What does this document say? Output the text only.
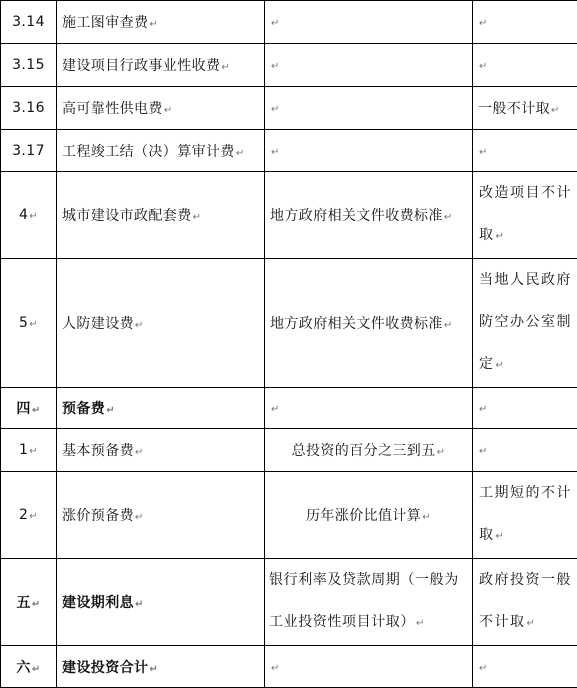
3.14	施工图审查费↵	↵	↵
3.15	建设项目行政事业性收费↵	↵	↵
3.16	高可靠性供电费↵	↵	一般不计取↵
3.17	工程竣工结（决）算审计费↵	↵	↵
4↵	城市建设市政配套费↵	地方政府相关文件收费标准↵	改造项目不计取↵
5↵	人防建设费↵	地方政府相关文件收费标准↵	当地人民政府防空办公室制定↵
四↵	预备费↵	↵	↵
1↵	基本预备费↵	总投资的百分之三到五↵	↵
2↵	涨价预备费↵	历年涨价比值计算↵	工期短的不计取↵
五↵	建设期利息↵	银行利率及贷款周期（一般为工业投资性项目计取）↵	政府投资一般不计取↵
六↵	建设投资合计↵	↵	↵
